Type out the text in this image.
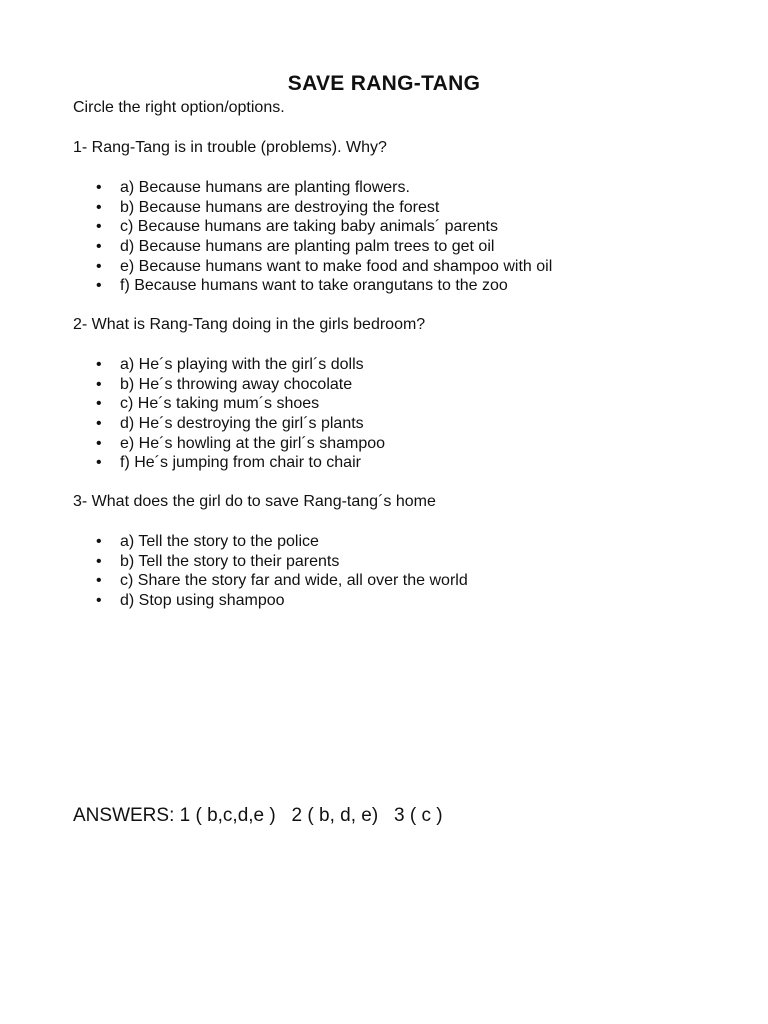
SAVE RANG-TANG

Circle the right option/options.

1- Rang-Tang is in trouble (problems). Why?

• a) Because humans are planting flowers.
• b) Because humans are destroying the forest
• c) Because humans are taking baby animals´ parents
• d) Because humans are planting palm trees to get oil
• e) Because humans want to make food and shampoo with oil
• f) Because humans want to take orangutans to the zoo

2- What is Rang-Tang doing in the girls bedroom?

• a) He´s playing with the girl´s dolls
• b) He´s throwing away chocolate
• c) He´s taking mum´s shoes
• d) He´s destroying the girl´s plants
• e) He´s howling at the girl´s shampoo
• f) He´s jumping from chair to chair

3- What does the girl do to save Rang-tang´s home

• a) Tell the story to the police
• b) Tell the story to their parents
• c) Share the story far and wide, all over the world
• d) Stop using shampoo

ANSWERS: 1 ( b,c,d,e )   2 ( b, d, e)   3 ( c )
